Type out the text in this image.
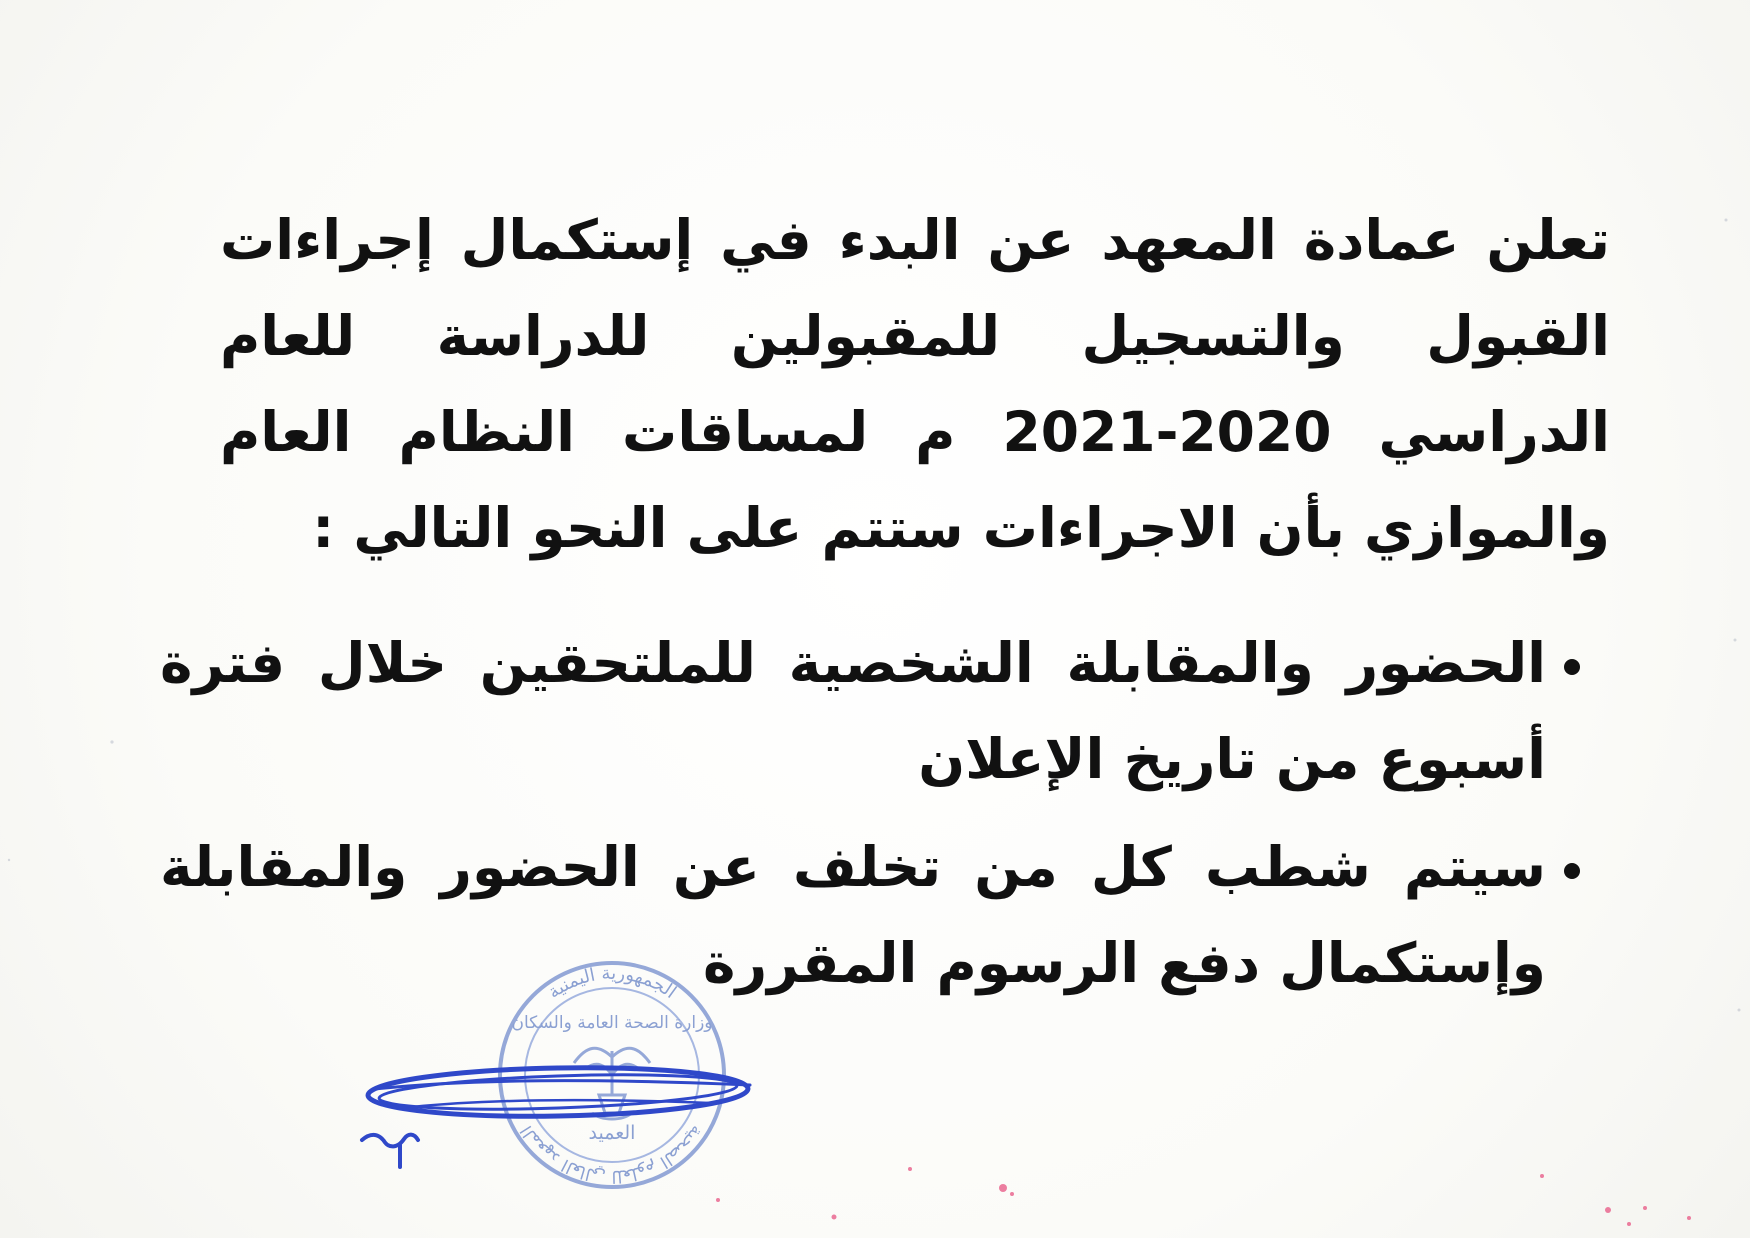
تعلن عمادة المعهد عن البدء في إستكمال إجراءات القبول والتسجيل للمقبولين للدراسة للعام الدراسي 2020-2021 م لمساقات النظام العام والموازي بأن الاجراءات ستتم على النحو التالي :
الحضور والمقابلة الشخصية للملتحقين خلال فترة أسبوع من تاريخ الإعلان
سيتم شطب كل من تخلف عن الحضور والمقابلة وإستكمال دفع الرسوم المقررة
الجمهورية اليمنية
وزارة الصحة العامة والسكان
العميد	المعهد العالي للعلوم الصحية
